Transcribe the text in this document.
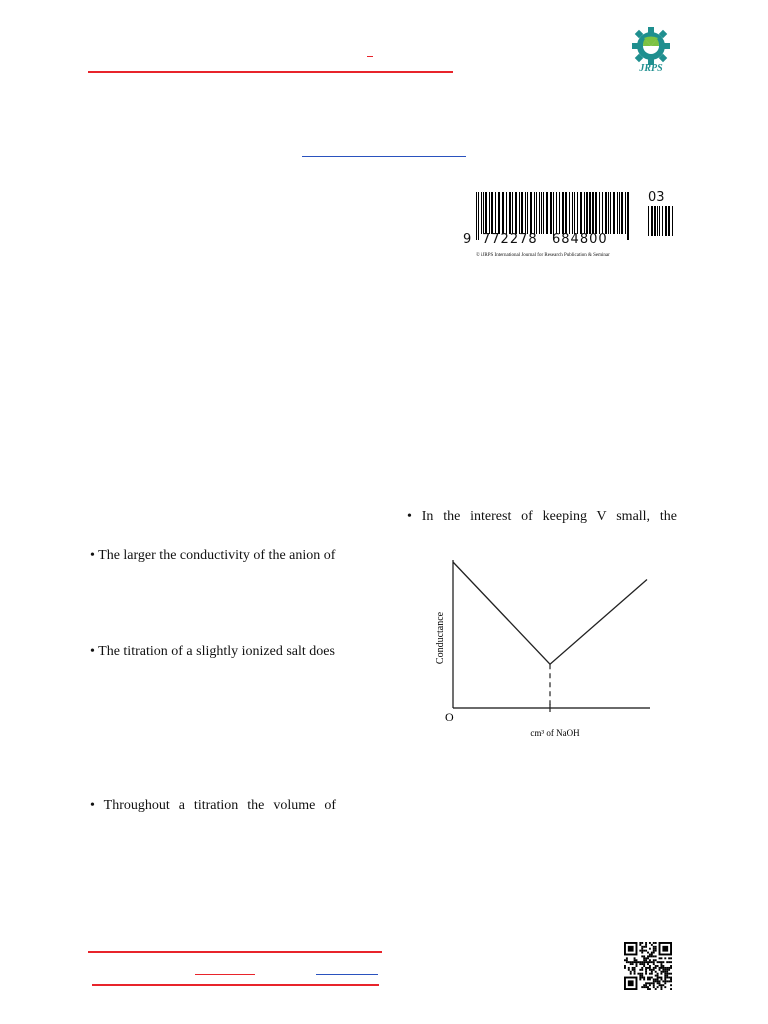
JRPS
9 772278 684800
03
© iJRPS International Journal for Research Publication & Seminar
• In the interest of keeping V small, the
• The larger the conductivity of the anion of
• The titration of a slightly ionized salt does
• Throughout a titration the volume of
O
Conductance
cm³ of NaOH
